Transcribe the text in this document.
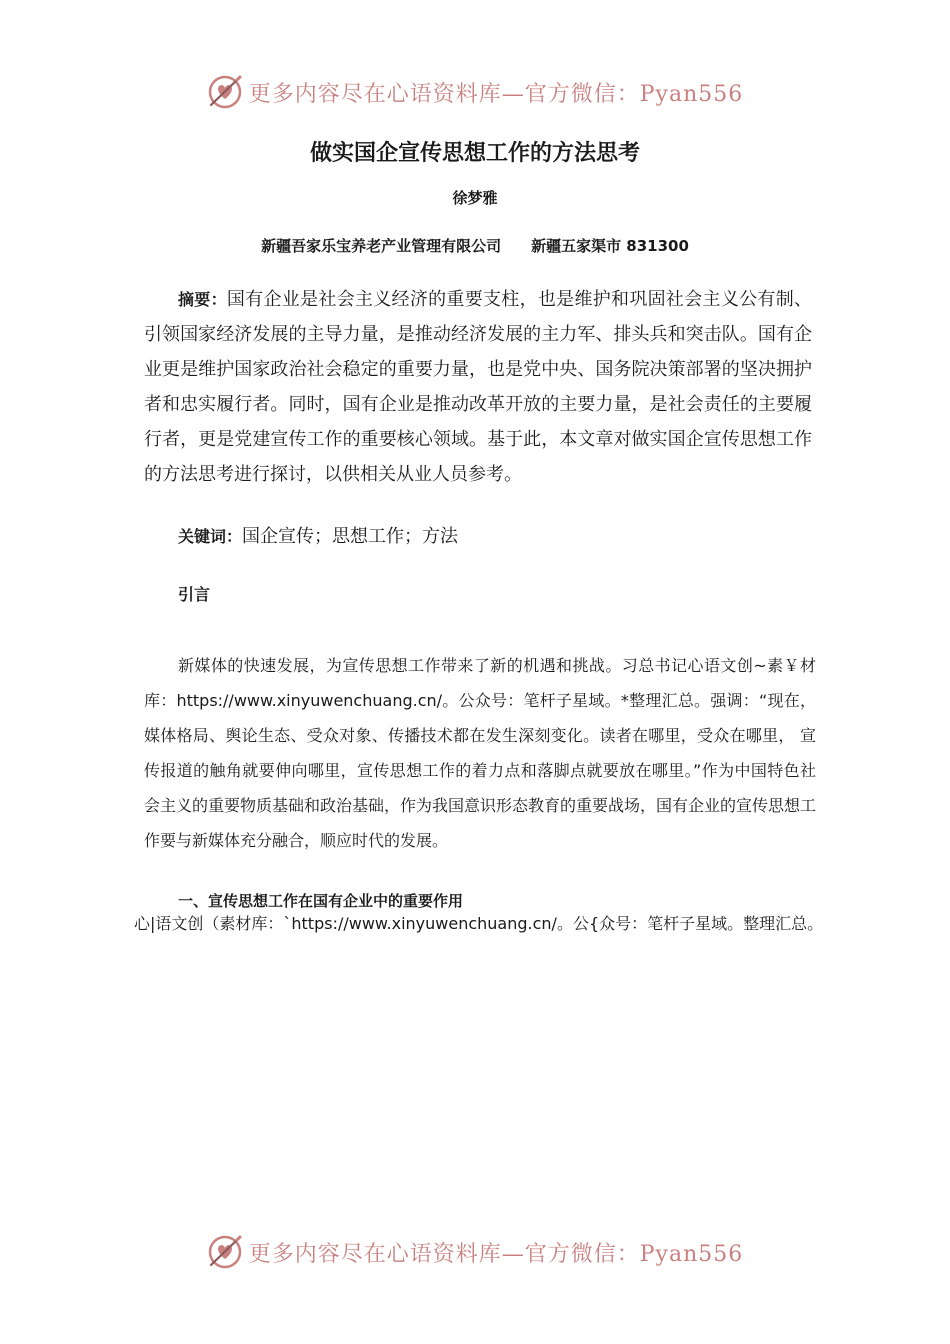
更多内容尽在心语资料库—官方微信：Pyan556
做实国企宣传思想工作的方法思考
徐梦雅
新疆吾家乐宝养老产业管理有限公司　　新疆五家渠市 831300
摘要：国有企业是社会主义经济的重要支柱，也是维护和巩固社会主义公有制、引领国家经济发展的主导力量，是推动经济发展的主力军、排头兵和突击队。国有企业更是维护国家政治社会稳定的重要力量，也是党中央、国务院决策部署的坚决拥护者和忠实履行者。同时，国有企业是推动改革开放的主要力量，是社会责任的主要履行者，更是党建宣传工作的重要核心领域。基于此，本文章对做实国企宣传思想工作的方法思考进行探讨，以供相关从业人员参考。
关键词：国企宣传；思想工作；方法
引言
新媒体的快速发展，为宣传思想工作带来了新的机遇和挑战。习总书记心语文创~素￥材库：https://www.xinyuwenchuang.cn/。公众号：笔杆子星域。*整理汇总。强调：“现在， 媒体格局、舆论生态、受众对象、传播技术都在发生深刻变化。读者在哪里，受众在哪里， 宣传报道的触角就要伸向哪里，宣传思想工作的着力点和落脚点就要放在哪里。”作为中国特色社会主义的重要物质基础和政治基础，作为我国意识形态教育的重要战场，国有企业的宣传思想工作要与新媒体充分融合，顺应时代的发展。
一、宣传思想工作在国有企业中的重要作用
心|语文创（素材库：`https://www.xinyuwenchuang.cn/。公{众号：笔杆子星域。整理汇总。
更多内容尽在心语资料库—官方微信：Pyan556
